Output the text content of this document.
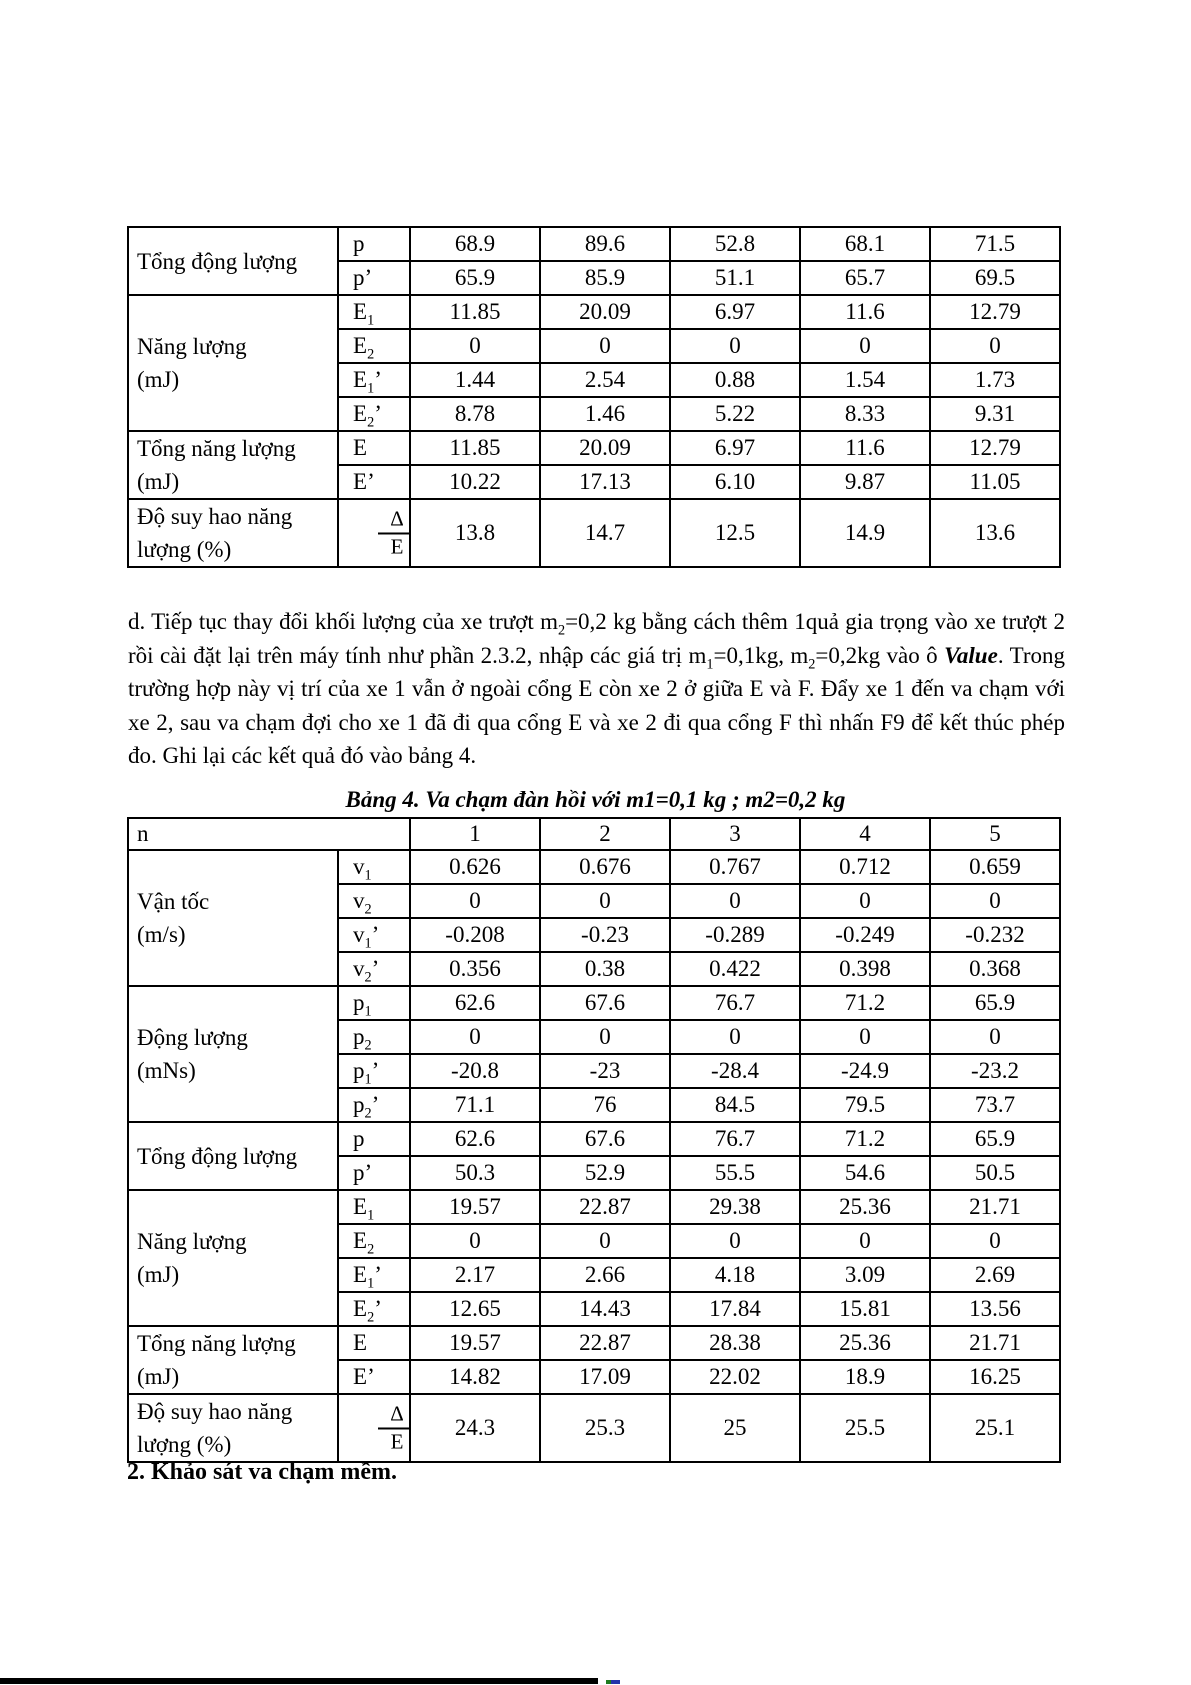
Tổng động lượng	p	68.9	89.6	52.8	68.1	71.5
	p’	65.9	85.9	51.1	65.7	69.5

Năng lượng
(mJ)	$E_1$	11.85	20.09	6.97	11.6	12.79
	$E_2$	0	0	0	0	0
	$E_1$’	1.44	2.54	0.88	1.54	1.73
	$E_2$’	8.78	1.46	5.22	8.33	9.31

Tổng năng lượng
(mJ)	E	11.85	20.09	6.97	11.6	12.79
	E’	10.22	17.13	6.10	9.87	11.05

Độ suy hao năng
lượng (%)	$\frac{\Delta}{E}$	13.8	14.7	12.5	14.9	13.6

d. Tiếp tục thay đổi khối lượng của xe trượt $m_2=0,2$ kg bằng cách thêm 1quả gia trọng vào xe trượt 2 rồi cài đặt lại trên máy tính như phần 2.3.2, nhập các giá trị $m_1=0,1kg$, $m_2=0,2kg$ vào ô Value. Trong trường hợp này vị trí của xe 1 vẫn ở ngoài cổng E còn xe 2 ở giữa E và F. Đẩy xe 1 đến va chạm với xe 2, sau va chạm đợi cho xe 1 đã đi qua cổng E và xe 2 đi qua cổng F thì nhấn F9 để kết thúc phép đo. Ghi lại các kết quả đó vào bảng 4.

Bảng 4. Va chạm đàn hồi với m1=0,1 kg ; m2=0,2 kg
n		1	2	3	4	5

Vận tốc
(m/s)	$v_1$	0.626	0.676	0.767	0.712	0.659
	$v_2$	0	0	0	0	0
	$v_1$’	-0.208	-0.23	-0.289	-0.249	-0.232
	$v_2$’	0.356	0.38	0.422	0.398	0.368

Động lượng
(mNs)	$p_1$	62.6	67.6	76.7	71.2	65.9
	$p_2$	0	0	0	0	0
	$p_1$’	-20.8	-23	-28.4	-24.9	-23.2
	$p_2$’	71.1	76	84.5	79.5	73.7

Tổng động lượng	p	62.6	67.6	76.7	71.2	65.9
	p’	50.3	52.9	55.5	54.6	50.5

Năng lượng
(mJ)	$E_1$	19.57	22.87	29.38	25.36	21.71
	$E_2$	0	0	0	0	0
	$E_1$’	2.17	2.66	4.18	3.09	2.69
	$E_2$’	12.65	14.43	17.84	15.81	13.56

Tổng năng lượng
(mJ)	E	19.57	22.87	28.38	25.36	21.71
	E’	14.82	17.09	22.02	18.9	16.25

Độ suy hao năng
lượng (%)	$\frac{\Delta}{E}$	24.3	25.3	25	25.5	25.1
2. Khảo sát va chạm mềm.
